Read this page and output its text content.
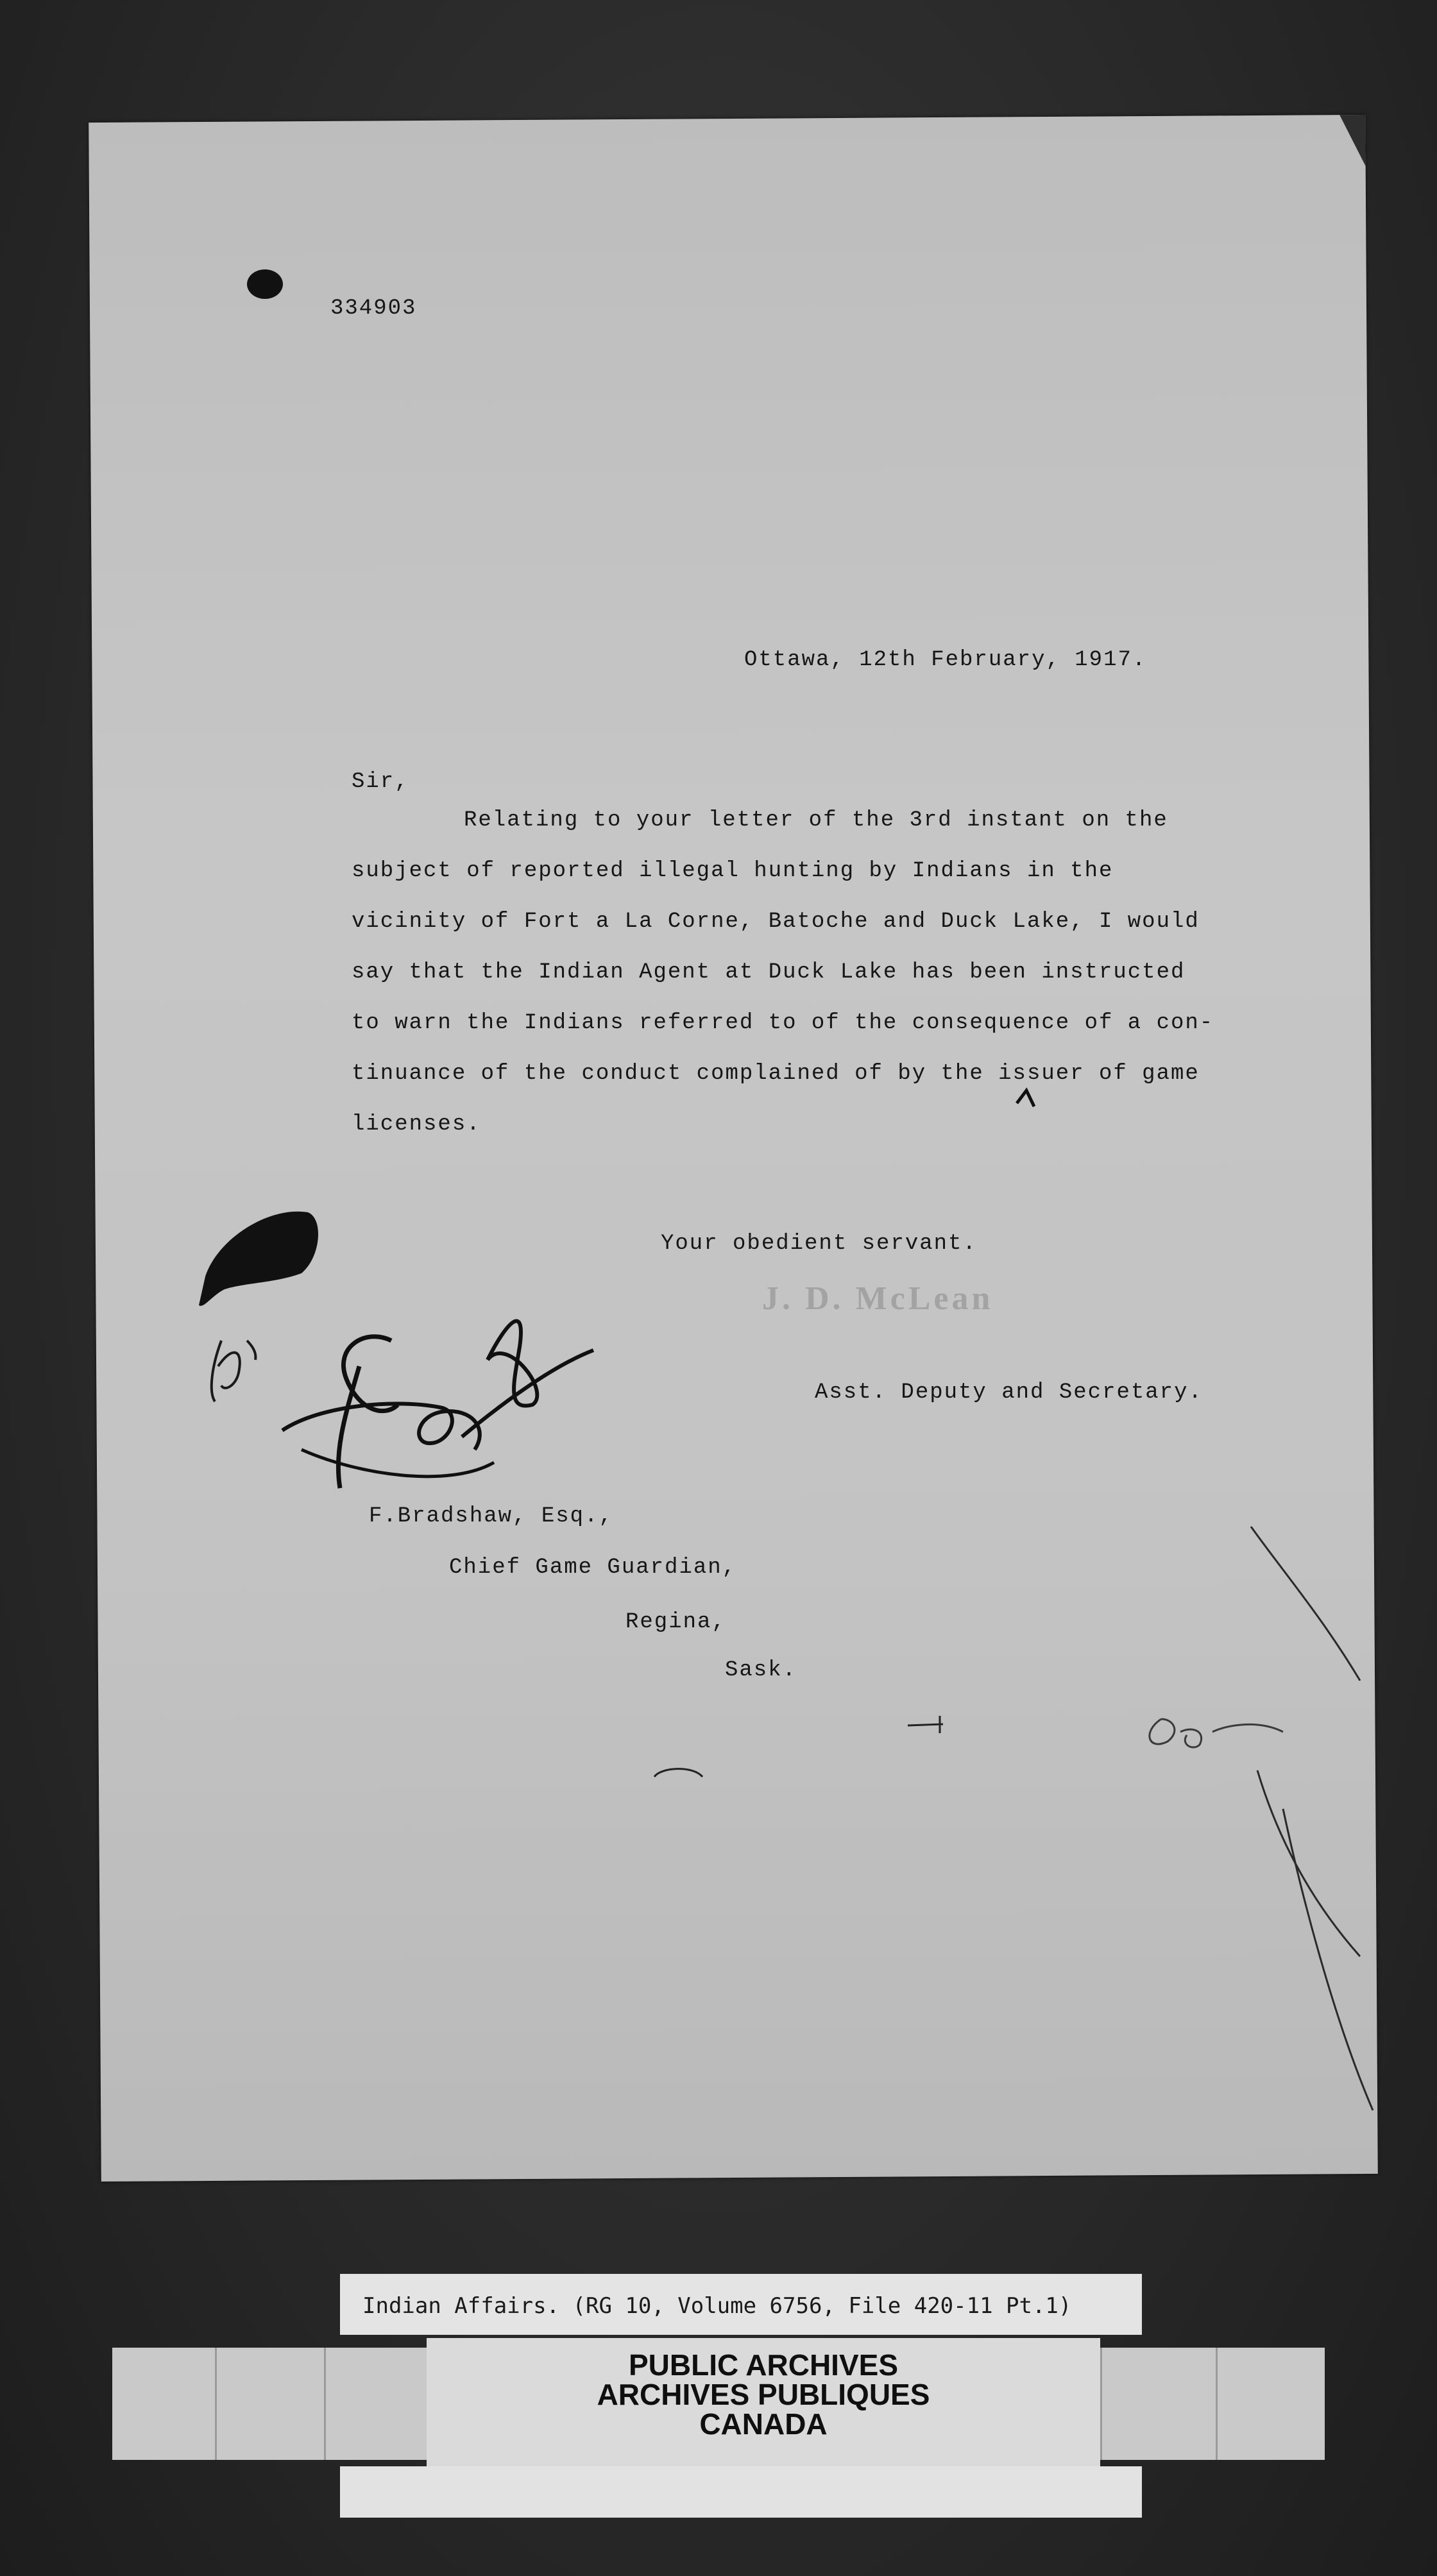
334903
Ottawa, 12th February, 1917.
Sir,
Relating to your letter of the 3rd instant on the
subject of reported illegal hunting by Indians in the
vicinity of Fort a La Corne, Batoche and Duck Lake, I would
say that the Indian Agent at Duck Lake has been instructed
to warn the Indians referred to of the consequence of a con-
tinuance of the conduct complained of by the issuer of game
licenses.
Your obedient servant.
J. D. McLean
Asst. Deputy and Secretary.
F.Bradshaw, Esq.,
Chief Game Guardian,
Regina,
Sask.
Indian Affairs. (RG 10, Volume 6756, File 420-11 Pt.1)
PUBLIC ARCHIVES
ARCHIVES PUBLIQUES
CANADA
